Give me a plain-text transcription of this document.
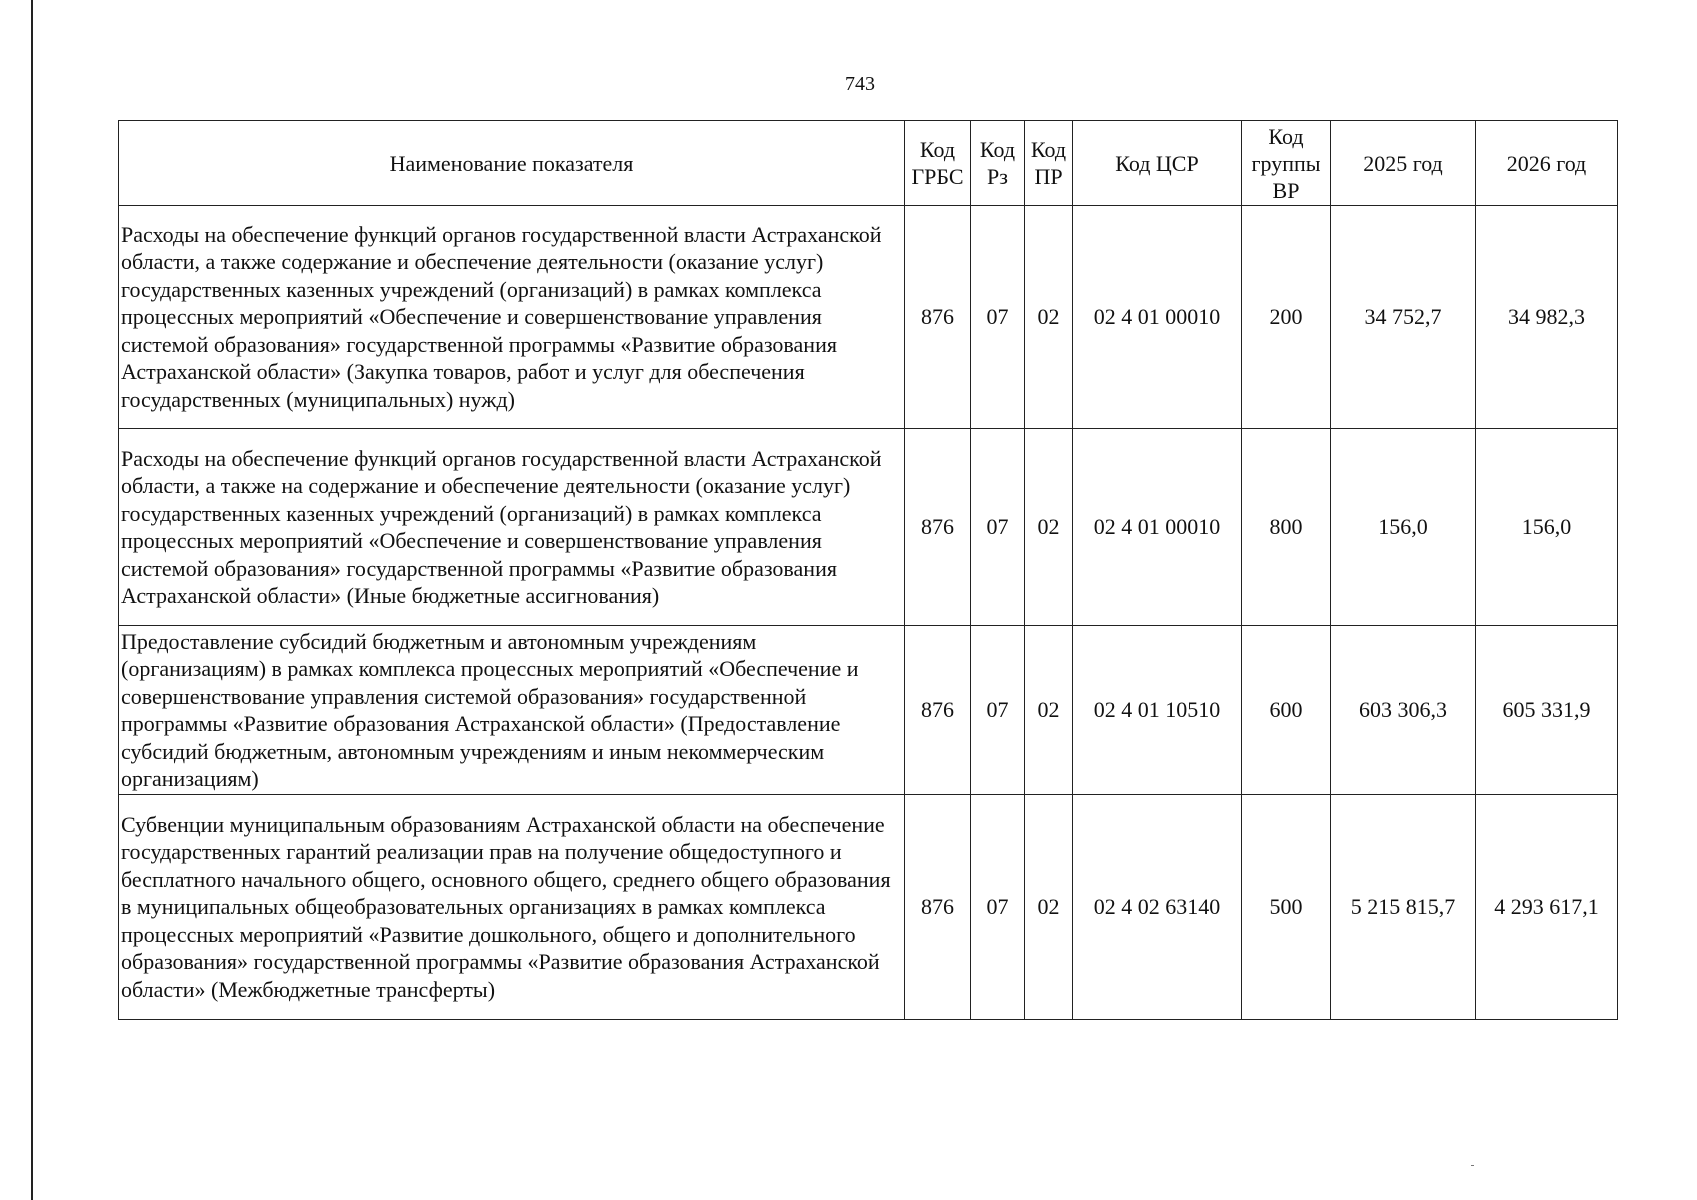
743
Наименование показателя	Код ГРБС	Код Рз	Код ПР	Код ЦСР	Код группы ВР	2025 год	2026 год
Расходы на обеспечение функций органов государственной власти Астраханской области, а также содержание и обеспечение деятельности (оказание услуг) государственных казенных учреждений (организаций) в рамках комплекса процессных мероприятий «Обеспечение и совершенствование управления системой образования» государственной программы «Развитие образования Астраханской области» (Закупка товаров, работ и услуг для обеспечения государственных (муниципальных) нужд)	876	07	02	02 4 01 00010	200	34 752,7	34 982,3
Расходы на обеспечение функций органов государственной власти Астраханской области, а также на содержание и обеспечение деятельности (оказание услуг) государственных казенных учреждений (организаций) в рамках комплекса процессных мероприятий «Обеспечение и совершенствование управления системой образования» государственной программы «Развитие образования Астраханской области» (Иные бюджетные ассигнования)	876	07	02	02 4 01 00010	800	156,0	156,0
Предоставление субсидий бюджетным и автономным учреждениям (организациям) в рамках комплекса процессных мероприятий «Обеспечение и совершенствование управления системой образования» государственной программы «Развитие образования Астраханской области» (Предоставление субсидий бюджетным, автономным учреждениям и иным некоммерческим организациям)	876	07	02	02 4 01 10510	600	603 306,3	605 331,9
Субвенции муниципальным образованиям Астраханской области на обеспечение государственных гарантий реализации прав на получение общедоступного и бесплатного начального общего, основного общего, среднего общего образования в муниципальных общеобразовательных организациях в рамках комплекса процессных мероприятий «Развитие дошкольного, общего и дополнительного образования» государственной программы «Развитие образования Астраханской области» (Межбюджетные трансферты)	876	07	02	02 4 02 63140	500	5 215 815,7	4 293 617,1
